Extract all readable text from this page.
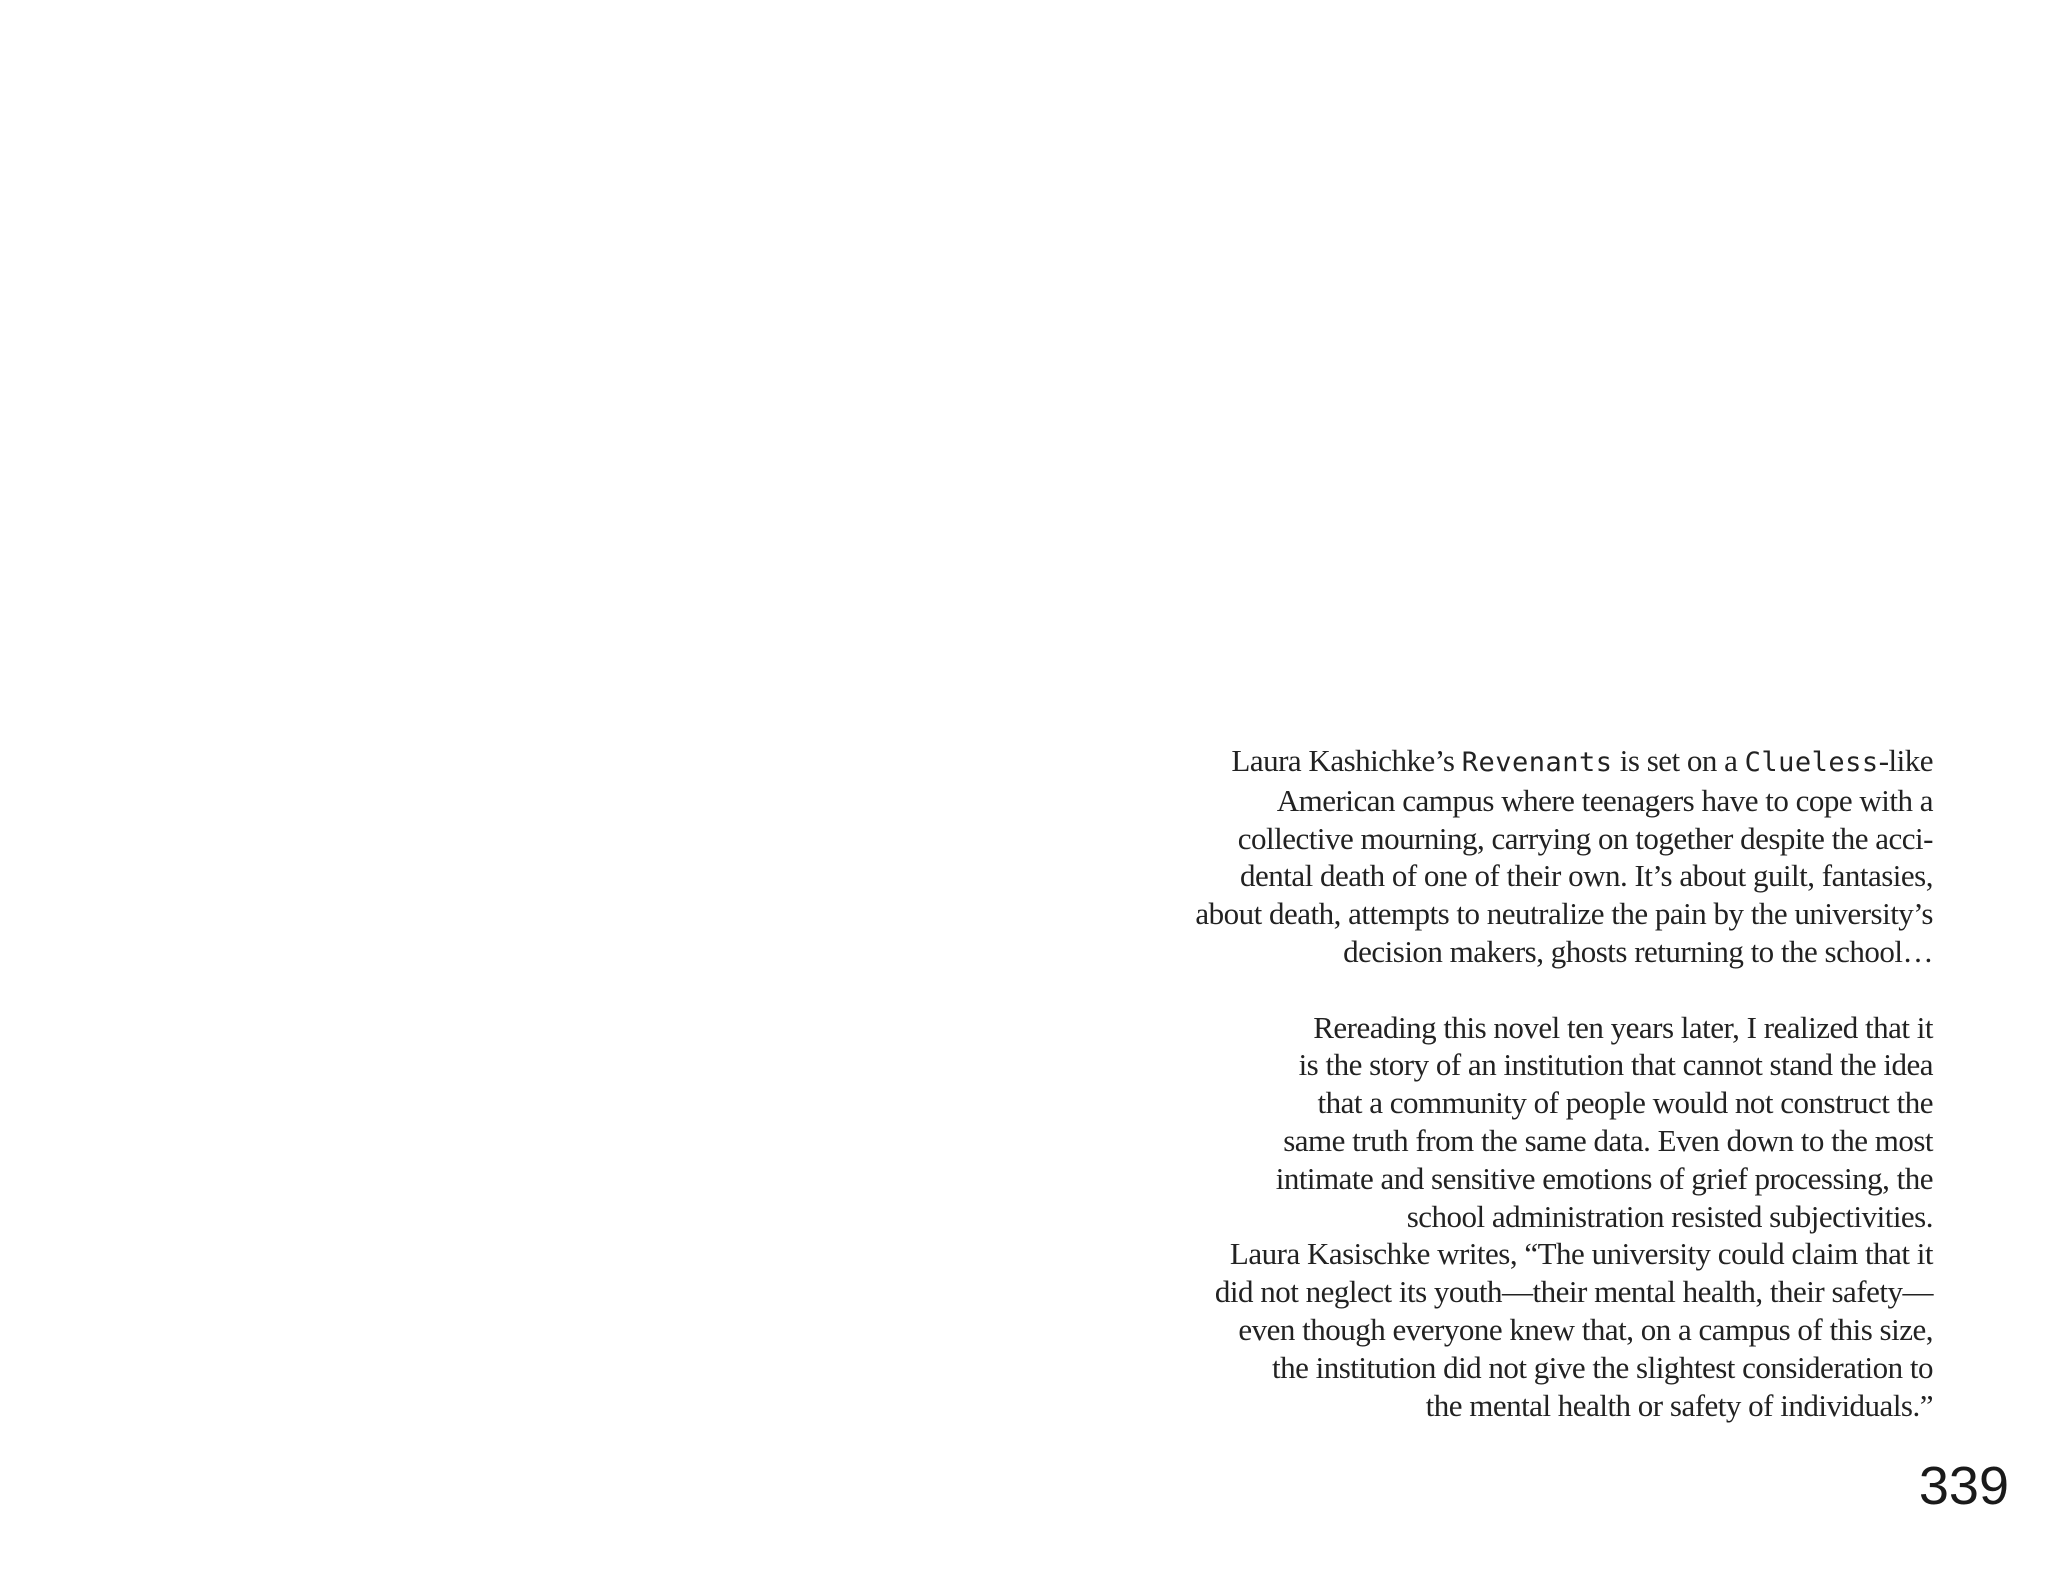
Laura Kashichke’s Revenants is set on a Clueless-like
American campus where teenagers have to cope with a
collective mourning, carrying on together despite the acci-
dental death of one of their own. It’s about guilt, fantasies,
about death, attempts to neutralize the pain by the university’s
decision makers, ghosts returning to the school…

Rereading this novel ten years later, I realized that it
is the story of an institution that cannot stand the idea
that a community of people would not construct the
same truth from the same data. Even down to the most
intimate and sensitive emotions of grief processing, the
school administration resisted subjectivities.
Laura Kasischke writes, “The university could claim that it
did not neglect its youth—their mental health, their safety—
even though everyone knew that, on a campus of this size,
the institution did not give the slightest consideration to
the mental health or safety of individuals.”

339
